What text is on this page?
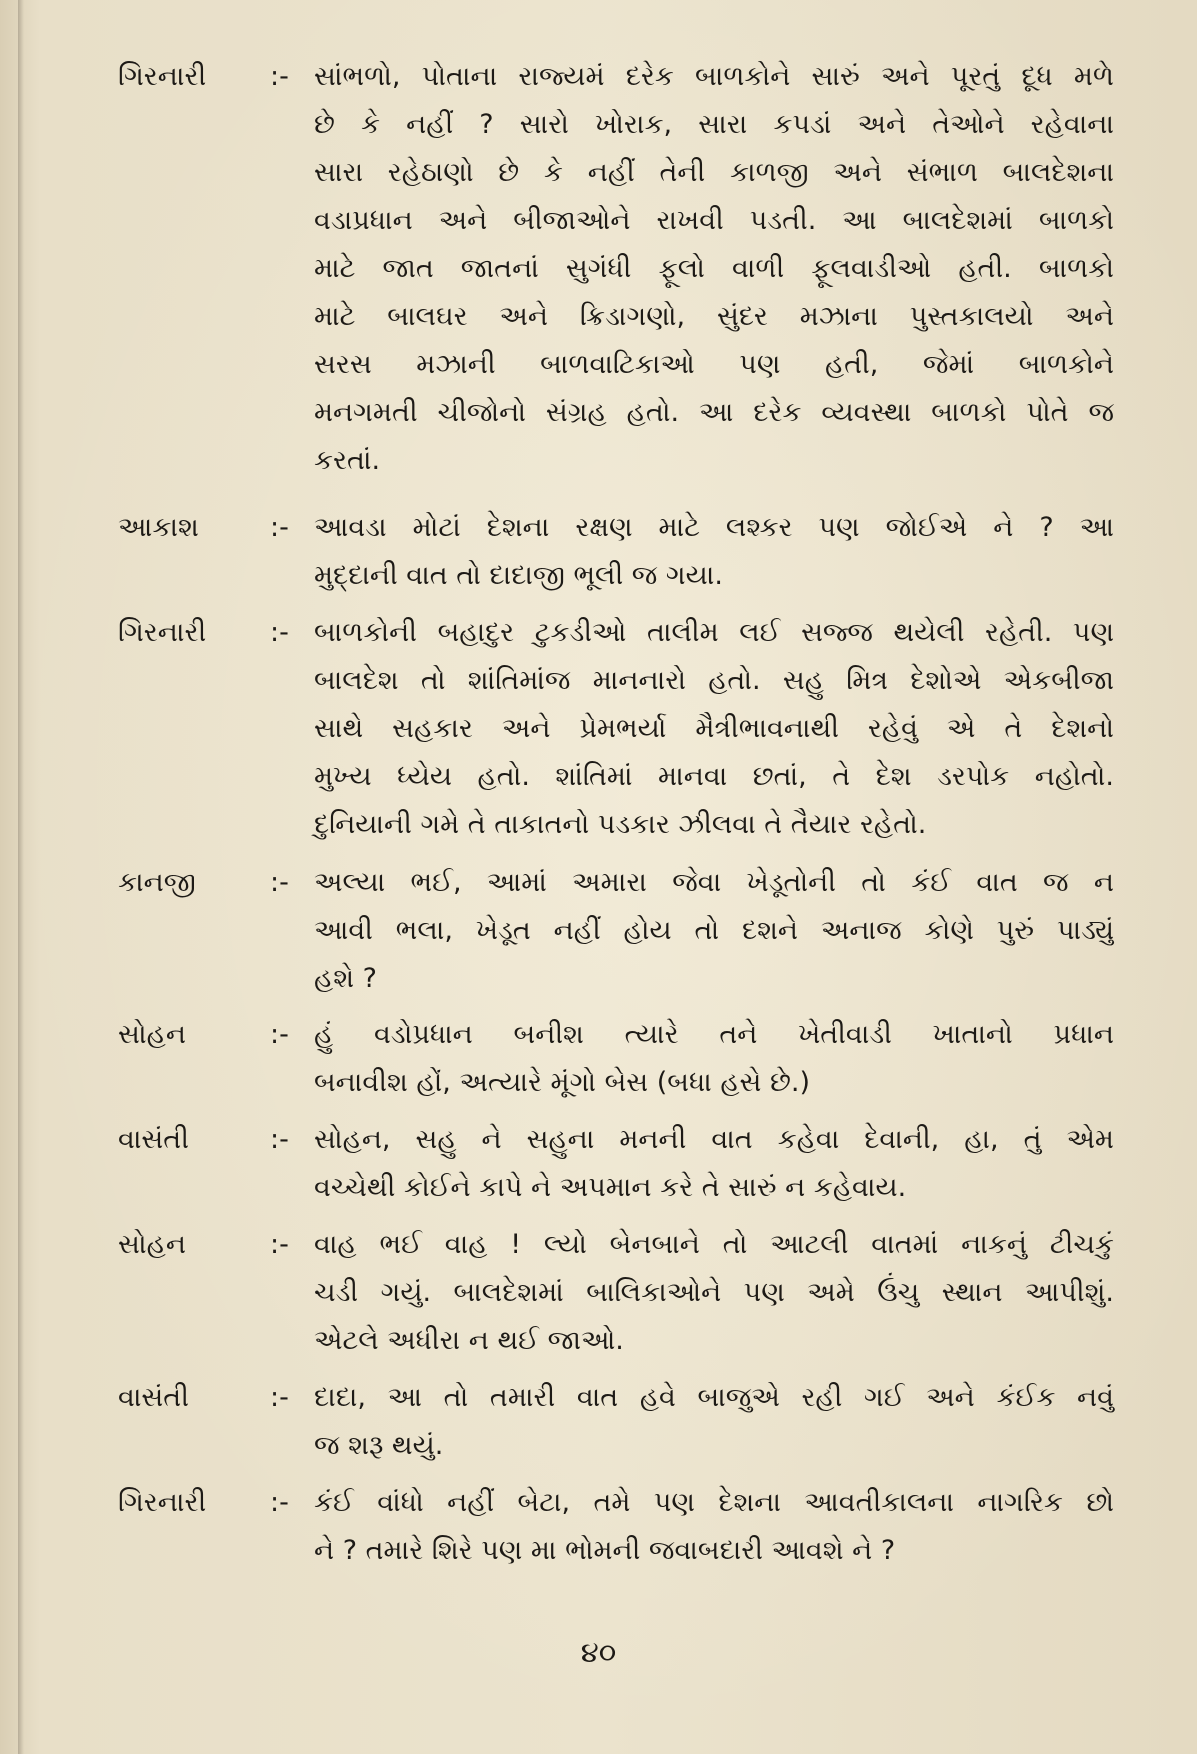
ગિરનારી :- સાંભળો, પોતાના રાજ્યમં દરેક બાળકોને સારું અને પૂરતું દૂધ મળે
છે કે નહીં ? સારો ખોરાક, સારા કપડાં અને તેઓને રહેવાના
સારા રહેઠાણો છે કે નહીં તેની કાળજી અને સંભાળ બાલદેશના
વડાપ્રધાન અને બીજાઓને રાખવી પડતી. આ બાલદેશમાં બાળકો
માટે જાત જાતનાં સુગંધી ફૂલો વાળી ફૂલવાડીઓ હતી. બાળકો
માટે બાલઘર અને ક્રિડાગણો, સુંદર મઝાના પુસ્તકાલયો અને
સરસ મઝાની બાળવાટિકાઓ પણ હતી, જેમાં બાળકોને
મનગમતી ચીજોનો સંગ્રહ હતો. આ દરેક વ્યવસ્થા બાળકો પોતે જ
કરતાં.
આકાશ	:- આવડા મોટાં દેશના રક્ષણ માટે લશ્કર પણ જોઈએ ને ? આ
મુદ્દાની વાત તો દાદાજી ભૂલી જ ગયા.
ગિરનારી :- બાળકોની બહાદુર ટુકડીઓ તાલીમ લઈ સજ્જ થયેલી રહેતી. પણ
બાલદેશ તો શાંતિમાંજ માનનારો હતો. સહુ મિત્ર દેશોએ એકબીજા
સાથે સહકાર અને પ્રેમભર્યા મૈત્રીભાવનાથી રહેવું એ તે દેશનો
મુખ્ય ધ્યેય હતો. શાંતિમાં માનવા છતાં, તે દેશ ડરપોક નહોતો.
દુનિયાની ગમે તે તાકાતનો પડકાર ઝીલવા તે તૈયાર રહેતો.
કાનજી	:- અલ્યા ભઈ, આમાં અમારા જેવા ખેડૂતોની તો કંઈ વાત જ ન
આવી ભલા, ખેડૂત નહીં હોય તો દશને અનાજ કોણે પુરું પાડ્યું
હશે ?
સોહન	:- હું વડોપ્રધાન બનીશ ત્યારે તને ખેતીવાડી ખાતાનો પ્રધાન
બનાવીશ હોં, અત્યારે મૂંગો બેસ (બધા હસે છે.)
વાસંતી	:- સોહન, સહુ ને સહુના મનની વાત કહેવા દેવાની, હા, તું એમ
વચ્ચેથી કોઈને કાપે ને અપમાન કરે તે સારું ન કહેવાય.
સોહન	:- વાહ ભઈ વાહ ! લ્યો બેનબાને તો આટલી વાતમાં નાકનું ટીચકું
ચડી ગયું. બાલદેશમાં બાલિકાઓને પણ અમે ઉંચુ સ્થાન આપીશું.
એટલે અધીરા ન થઈ જાઓ.
વાસંતી	:- દાદા, આ તો તમારી વાત હવે બાજુએ રહી ગઈ અને કંઈક નવું
જ શરૂ થયું.
ગિરનારી :- કંઈ વાંધો નહીં બેટા, તમે પણ દેશના આવતીકાલના નાગરિક છો
ને ? તમારે શિરે પણ મા ભોમની જવાબદારી આવશે ને ?
૪૦
